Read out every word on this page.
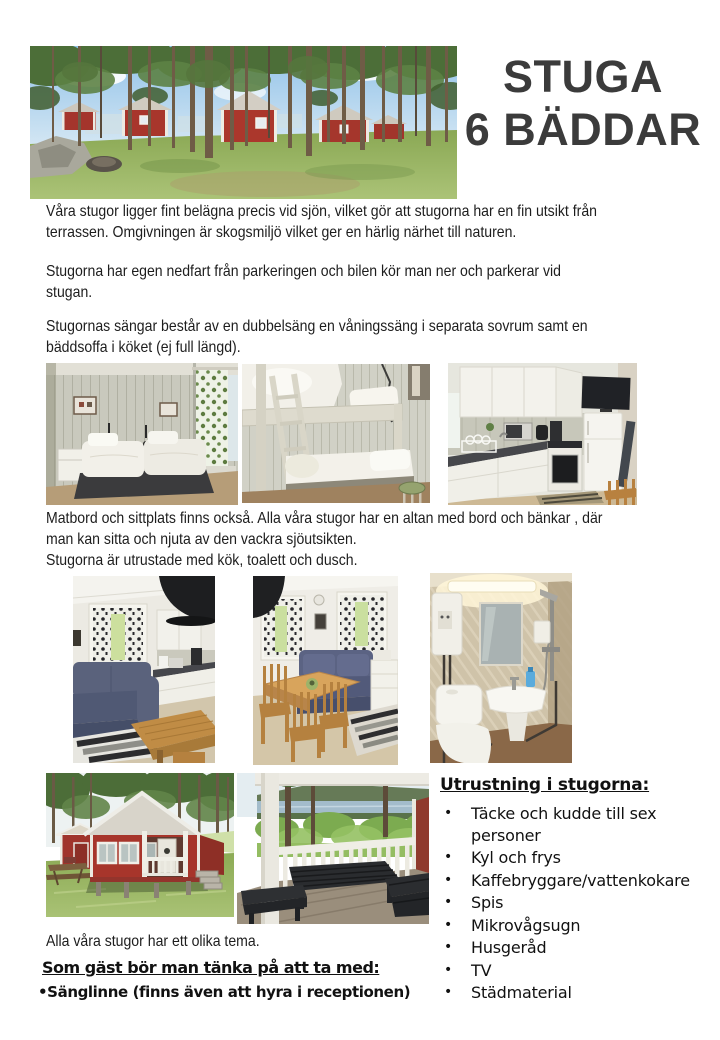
STUGA
6 BÄDDAR

Våra stugor ligger fint belägna precis vid sjön, vilket gör att stugorna har en fin utsikt från
terrassen. Omgivningen är skogsmiljö vilket ger en härlig närhet till naturen.

Stugorna har egen nedfart från parkeringen och bilen kör man ner och parkerar vid
stugan.

Stugornas sängar består av en dubbelsäng en våningssäng i separata sovrum samt en
bäddsoffa i köket (ej full längd).

Matbord och sittplats finns också. Alla våra stugor har en altan med bord och bänkar , där
man kan sitta och njuta av den vackra sjöutsikten.
Stugorna är utrustade med kök, toalett och dusch.

Utrustning i stugorna:
• Täcke och kudde till sex personer
• Kyl och frys
• Kaffebryggare/vattenkokare
• Spis
• Mikrovågsugn
• Husgeråd
• TV
• Städmaterial

Alla våra stugor har ett olika tema.

Som gäst bör man tänka på att ta med:
•Sänglinne (finns även att hyra i receptionen)
